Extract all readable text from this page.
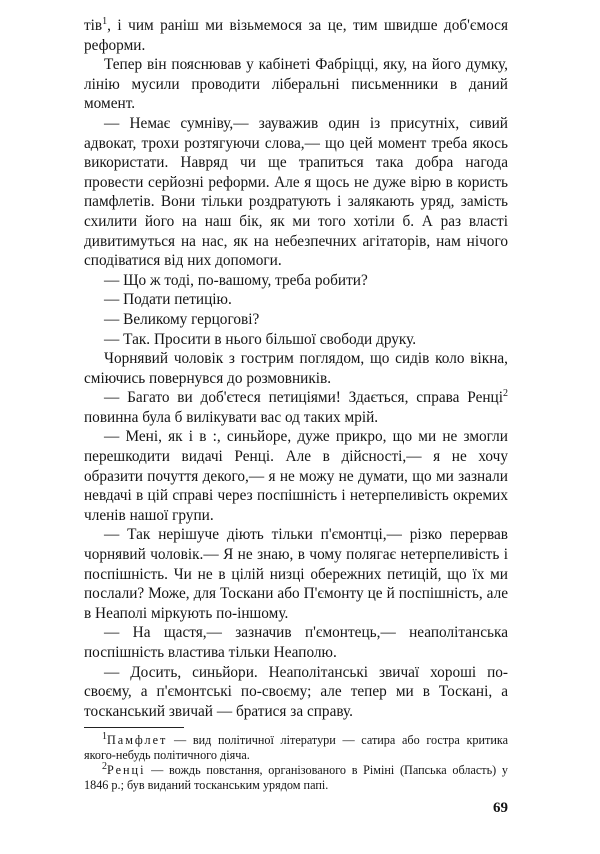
тів$^1$, і чим раніш ми візьмемося за це, тим швидше доб'ємося реформи.

Тепер він пояснював у кабінеті Фабріцці, яку, на його думку, лінію мусили проводити ліберальні письменники в даний момент.

— Немає сумніву,— зауважив один із присутніх, сивий адвокат, трохи розтягуючи слова,— що цей момент треба якось використати. Навряд чи ще трапиться така добра нагода провести серйозні реформи. Але я щось не дуже вірю в користь памфлетів. Вони тільки роздратують і залякають уряд, замість схилити його на наш бік, як ми того хотіли б. А раз власті дивитимуться на нас, як на небезпечних агітаторів, нам нічого сподіватися від них допомоги.

— Що ж тоді, по-вашому, треба робити?

— Подати петицію.

— Великому герцогові?

— Так. Просити в нього більшої свободи друку.

Чорнявий чоловік з гострим поглядом, що сидів коло вікна, сміючись повернувся до розмовників.

— Багато ви доб'єтеся петиціями! Здається, справа Ренці$^2$ повинна була б вилікувати вас од таких мрій.

— Мені, як і в :, синьйоре, дуже прикро, що ми не змогли перешкодити видачі Ренці. Але в дійсності,— я не хочу образити почуття декого,— я не можу не думати, що ми зазнали невдачі в цій справі через поспішність і нетерпеливість окремих членів нашої групи.

— Так нерішуче діють тільки п'ємонтці,— різко перервав чорнявий чоловік.— Я не знаю, в чому полягає нетерпеливість і поспішність. Чи не в цілій низці обережних петицій, що їх ми послали? Може, для Тоскани або П'ємонту це й поспішність, але в Неаполі міркують по-іншому.

— На щастя,— зазначив п'ємонтець,— неаполітанська поспішність властива тільки Неаполю.

— Досить, синьйори. Неаполітанські звичаї хороші по-своєму, а п'ємонтські по-своєму; але тепер ми в Тоскані, а тосканський звичай — братися за справу.

$^1$Памфлет — вид політичної літератури — сатира або гостра критика якого-небудь політичного діяча.

$^2$Ренці — вождь повстання, організованого в Ріміні (Папська область) у 1846 р.; був виданий тосканським урядом папі.

69
